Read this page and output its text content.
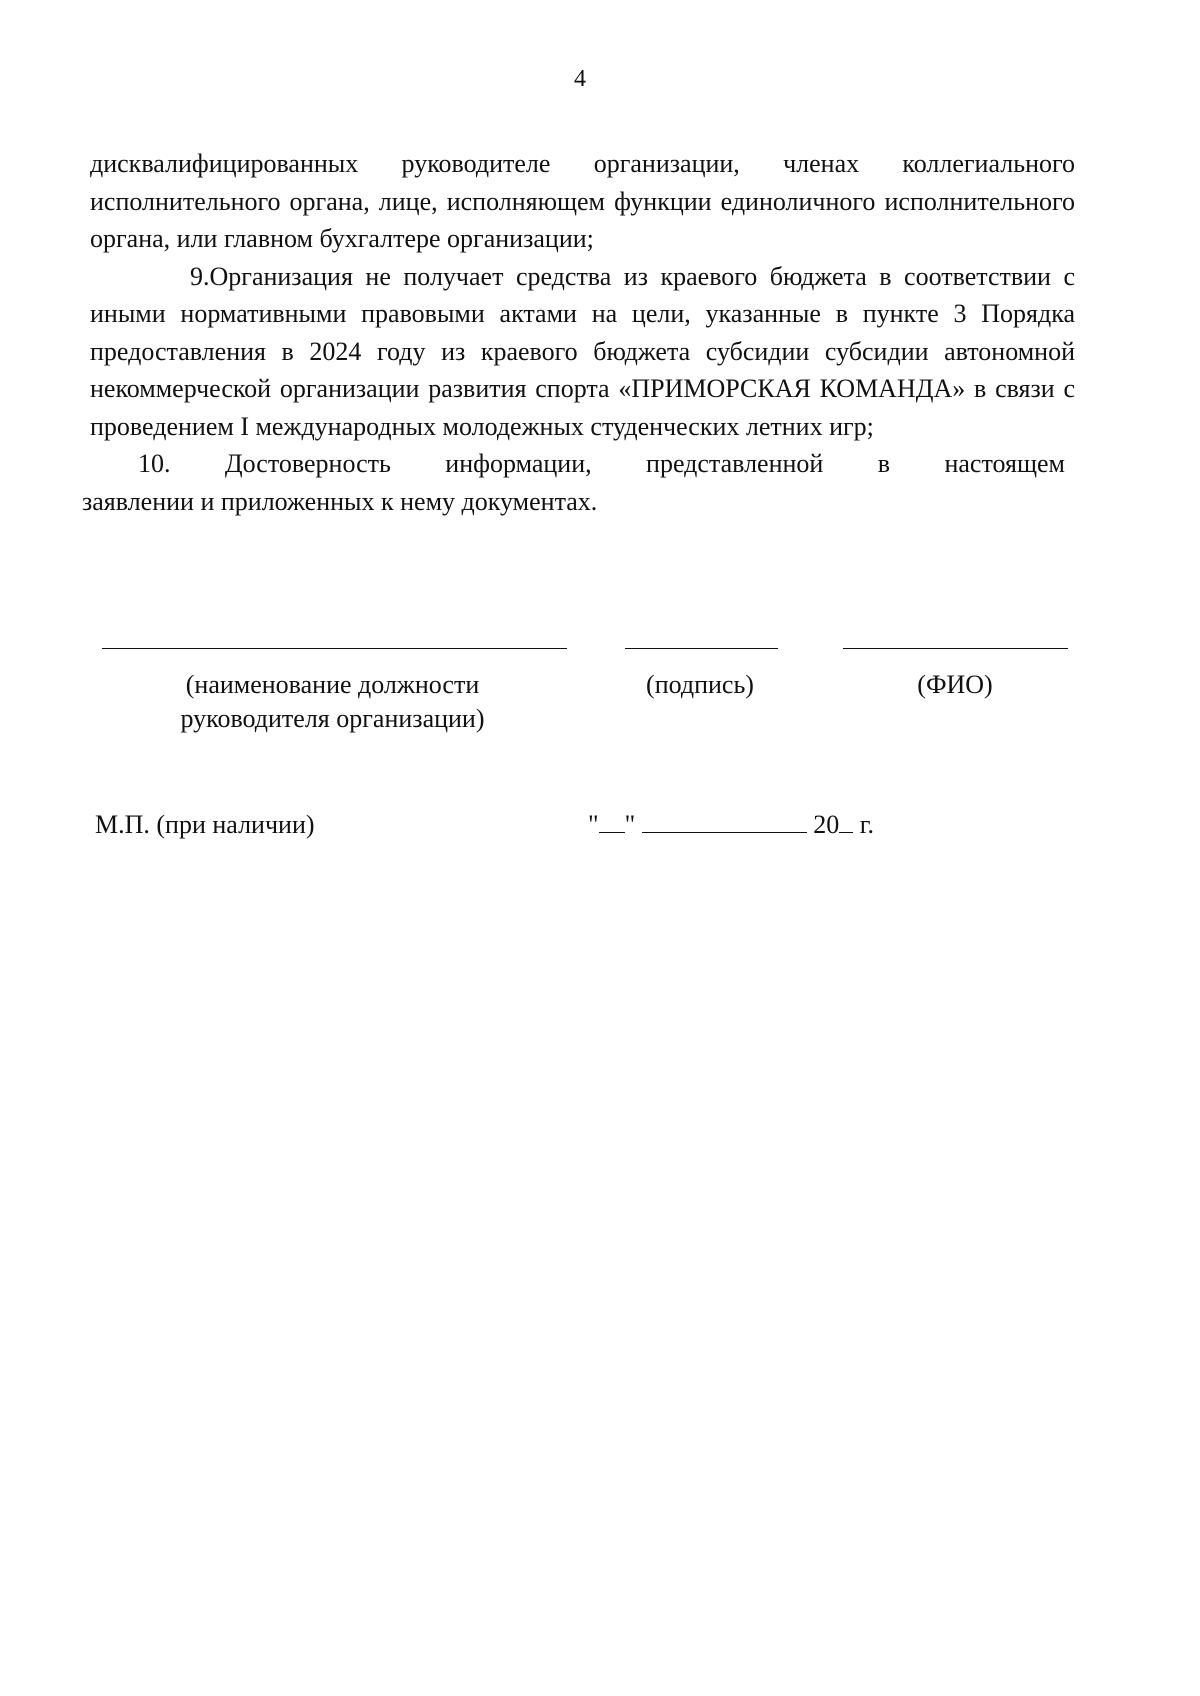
4

дисквалифицированных руководителе организации, членах коллегиального исполнительного органа, лице, исполняющем функции единоличного исполнительного органа, или главном бухгалтере организации;

9.Организация не получает средства из краевого бюджета в соответствии с иными нормативными правовыми актами на цели, указанные в пункте 3 Порядка предоставления в 2024 году из краевого бюджета субсидии субсидии автономной некоммерческой организации развития спорта «ПРИМОРСКАЯ КОМАНДА» в связи с проведением I международных молодежных студенческих летних игр;

10. Достоверность информации, представленной в настоящем
заявлении и приложенных к нему документах.

(наименование должности
руководителя организации)
(подпись)	(ФИО)
М.П. (при наличии)	" "	20 г.
